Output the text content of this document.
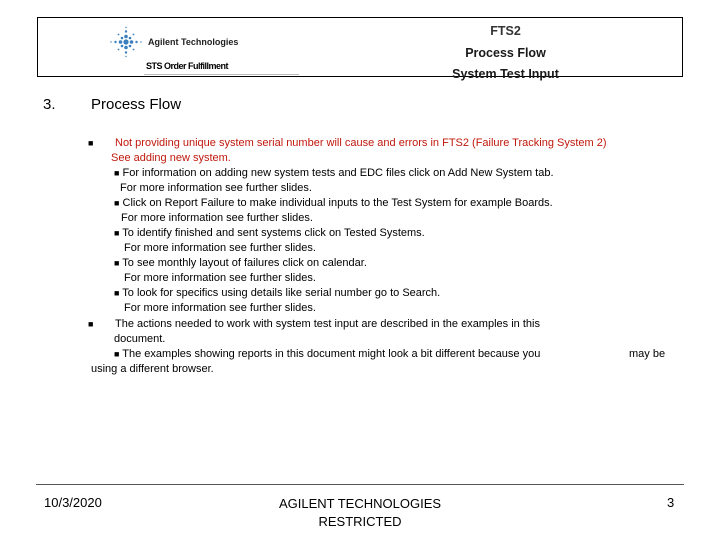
Agilent Technologies
STS Order Fulfillment
FTS2
Process Flow
System Test Input
3. Process Flow
■ Not providing unique system serial number will cause and errors in FTS2 (Failure Tracking System 2)
See adding new system.
■ For information on adding new system tests and EDC files click on Add New System tab.
For more information see further slides.
■ Click on Report Failure to make individual inputs to the Test System for example Boards.
For more information see further slides.
■ To identify finished and sent systems click on Tested Systems.
For more information see further slides.
■ To see monthly layout of failures click on calendar.
For more information see further slides.
■ To look for specifics using details like serial number go to Search.
For more information see further slides.
■ The actions needed to work with system test input are described in the examples in this
document.
■ The examples showing reports in this document might look a bit different because you	may be
using a different browser.
10/3/2020	AGILENT TECHNOLOGIES
RESTRICTED
3
